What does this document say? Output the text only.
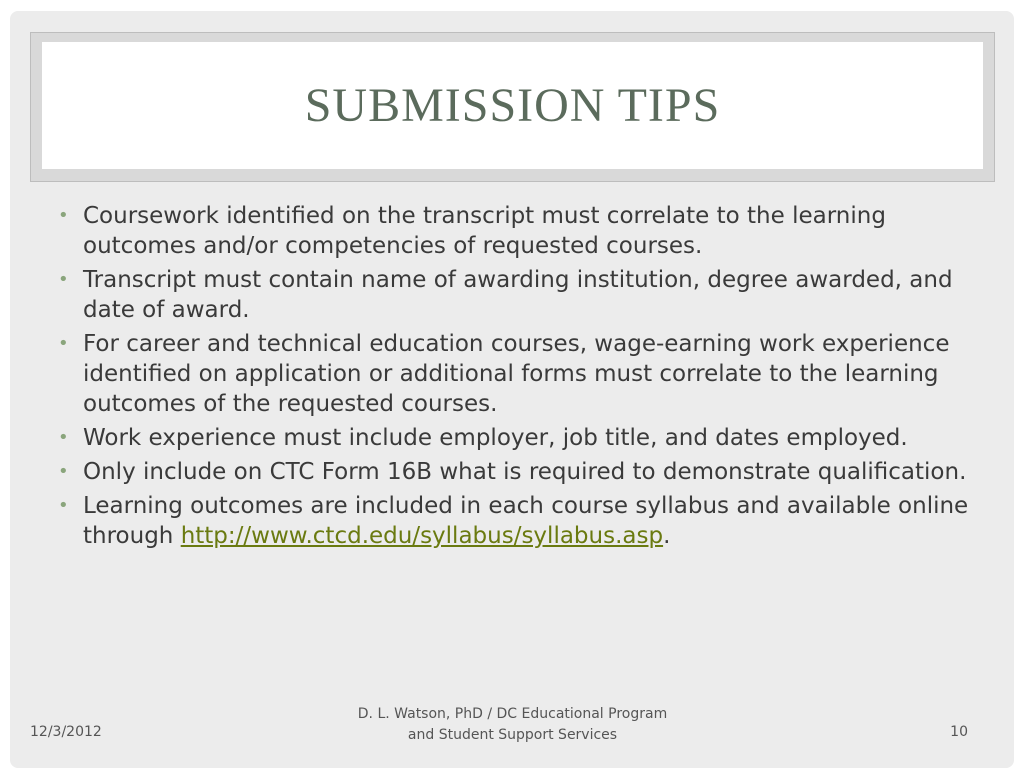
SUBMISSION TIPS
• Coursework identified on the transcript must correlate to the learning outcomes and/or competencies of requested courses.
• Transcript must contain name of awarding institution, degree awarded, and date of award.
• For career and technical education courses, wage-earning work experience identified on application or additional forms must correlate to the learning outcomes of the requested courses.
• Work experience must include employer, job title, and dates employed.
• Only include on CTC Form 16B what is required to demonstrate qualification.
• Learning outcomes are included in each course syllabus and available online through http://www.ctcd.edu/syllabus/syllabus.asp.
12/3/2012
D. L. Watson, PhD / DC Educational Program and Student Support Services	10
